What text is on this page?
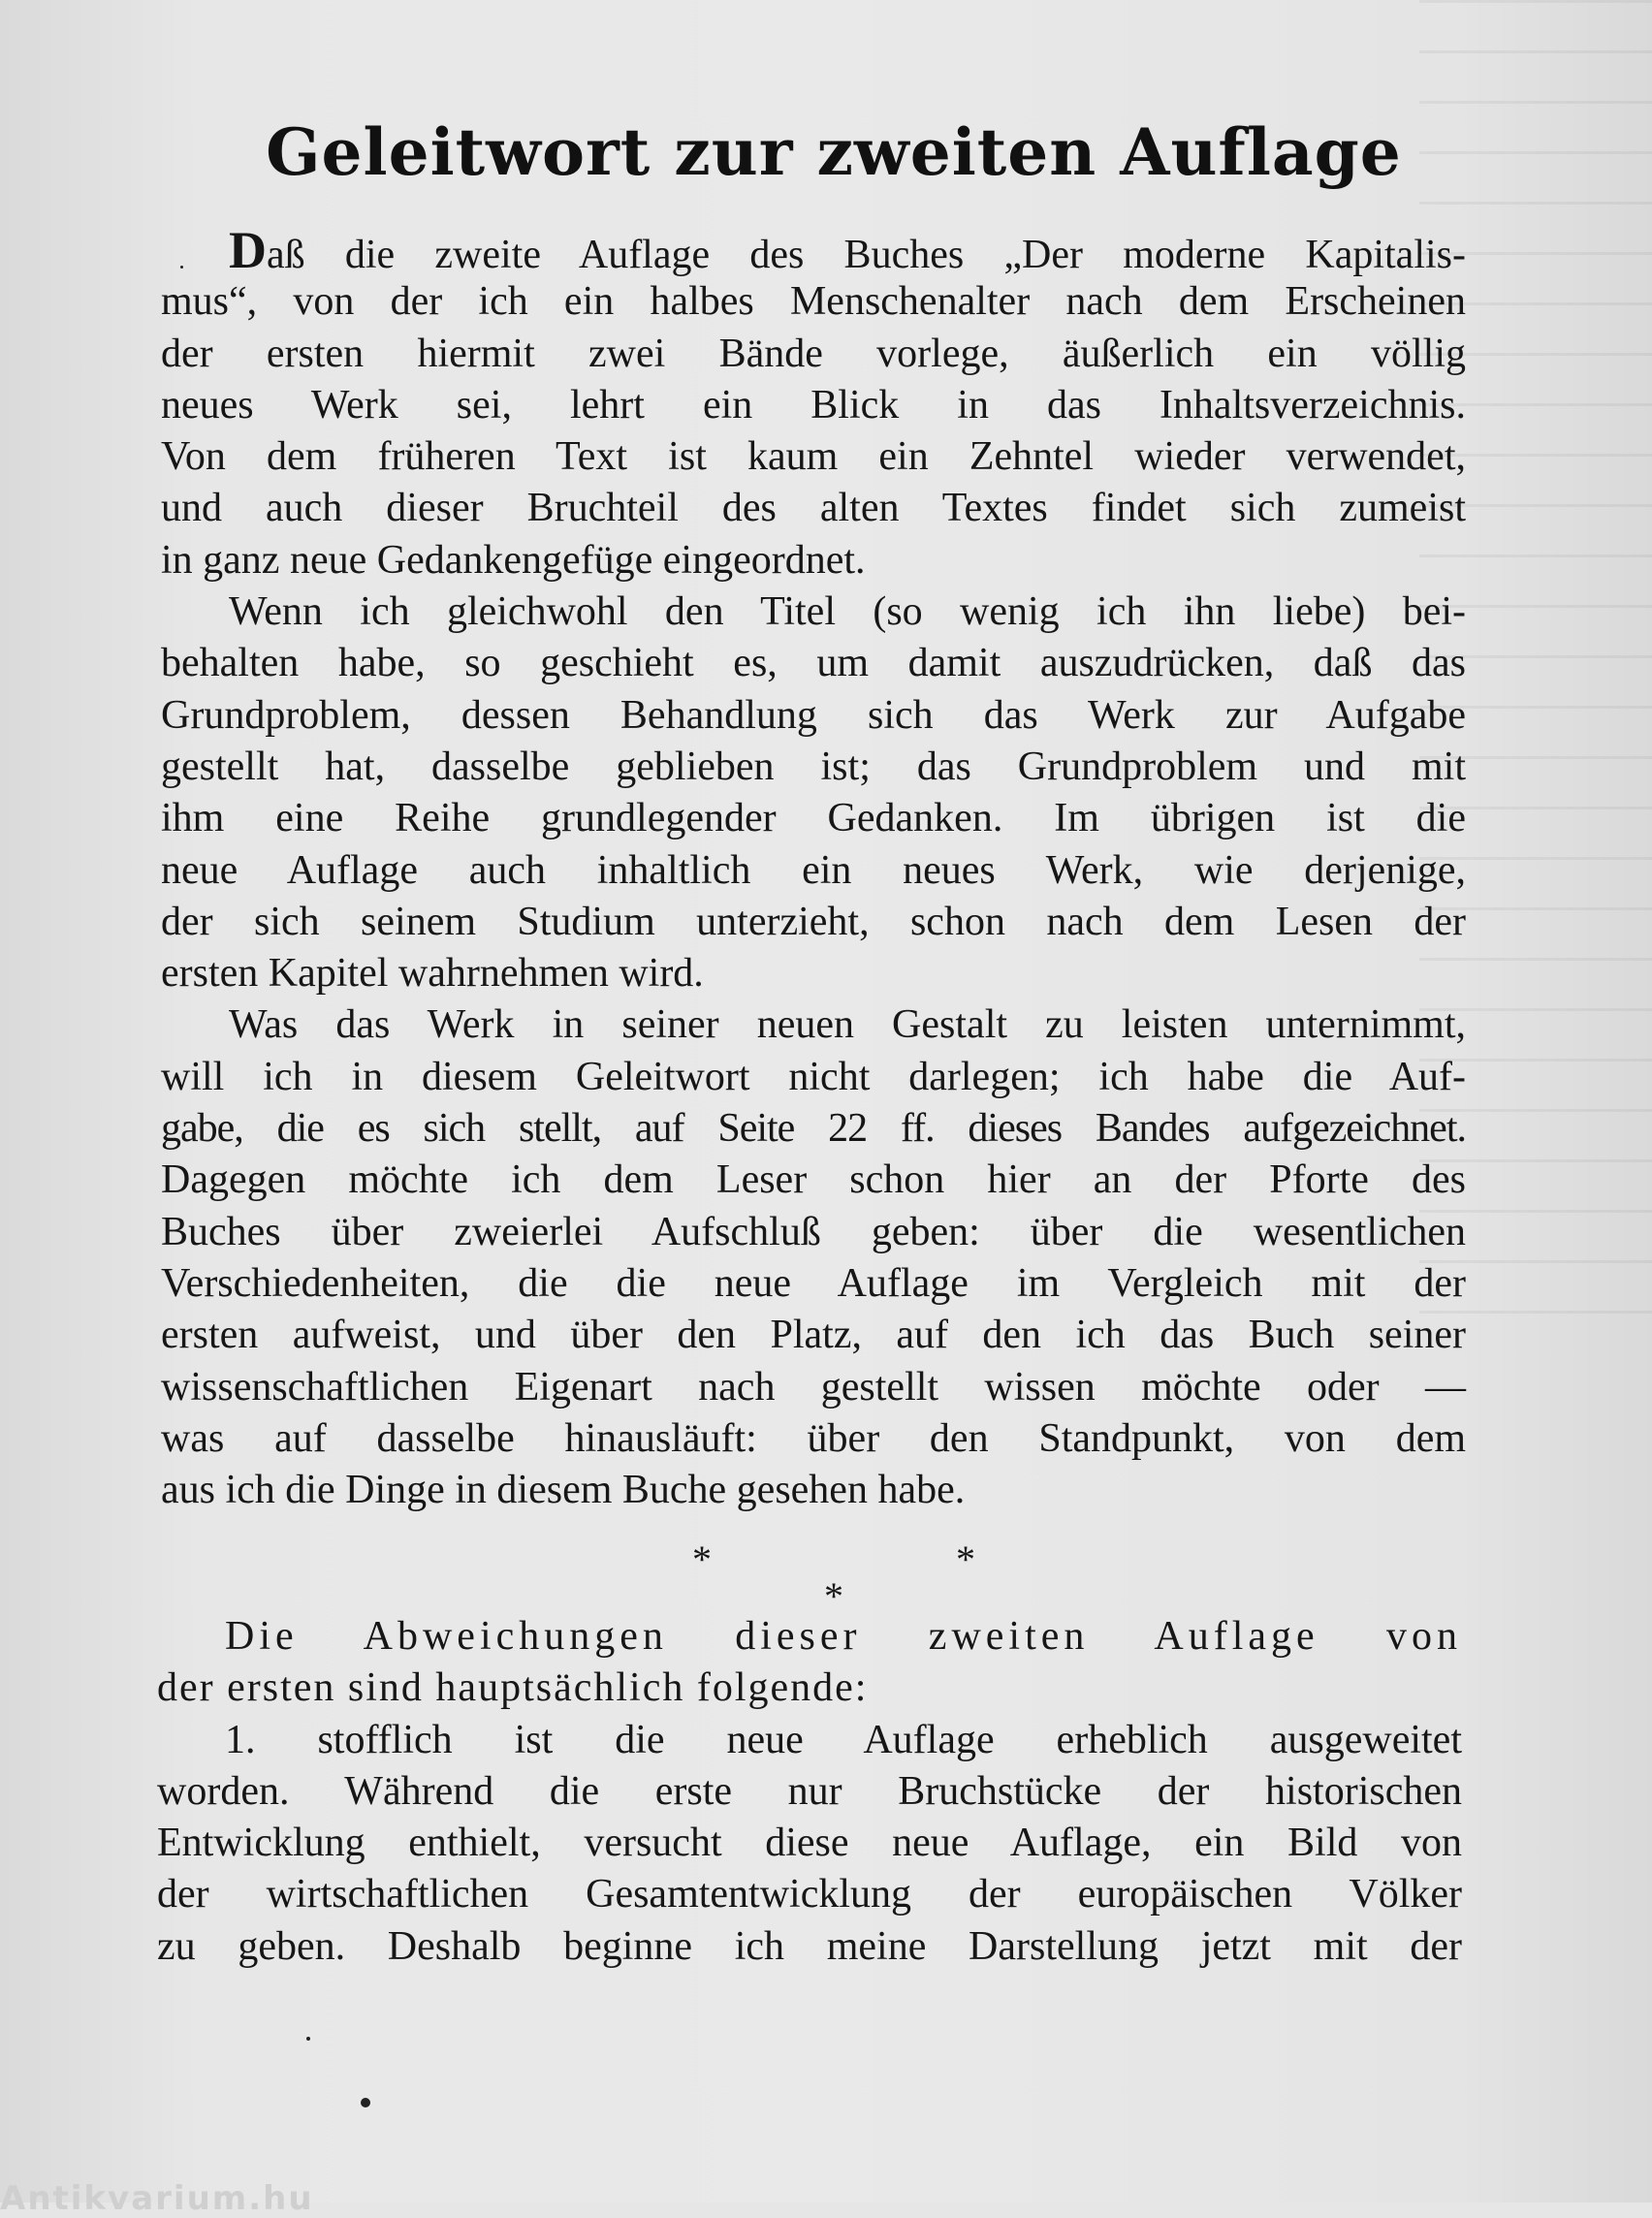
Geleitwort zur zweiten Auflage
Daß die zweite Auflage des Buches „Der moderne Kapitalis-
mus“, von der ich ein halbes Menschenalter nach dem Erscheinen
der ersten hiermit zwei Bände vorlege, äußerlich ein völlig
neues Werk sei, lehrt ein Blick in das Inhaltsverzeichnis.
Von dem früheren Text ist kaum ein Zehntel wieder verwendet,
und auch dieser Bruchteil des alten Textes findet sich zumeist
in ganz neue Gedankengefüge eingeordnet.
Wenn ich gleichwohl den Titel (so wenig ich ihn liebe) bei-
behalten habe, so geschieht es, um damit auszudrücken, daß das
Grundproblem, dessen Behandlung sich das Werk zur Aufgabe
gestellt hat, dasselbe geblieben ist; das Grundproblem und mit
ihm eine Reihe grundlegender Gedanken. Im übrigen ist die
neue Auflage auch inhaltlich ein neues Werk, wie derjenige,
der sich seinem Studium unterzieht, schon nach dem Lesen der
ersten Kapitel wahrnehmen wird.
Was das Werk in seiner neuen Gestalt zu leisten unternimmt,
will ich in diesem Geleitwort nicht darlegen; ich habe die Auf-
gabe, die es sich stellt, auf Seite 22 ff. dieses Bandes aufgezeichnet.
Dagegen möchte ich dem Leser schon hier an der Pforte des
Buches über zweierlei Aufschluß geben: über die wesentlichen
Verschiedenheiten, die die neue Auflage im Vergleich mit der
ersten aufweist, und über den Platz, auf den ich das Buch seiner
wissenschaftlichen Eigenart nach gestellt wissen möchte oder —
was auf dasselbe hinausläuft: über den Standpunkt, von dem
aus ich die Dinge in diesem Buche gesehen habe.
*	*
*
Die Abweichungen dieser zweiten Auflage von
der ersten sind hauptsächlich folgende:
1. stofflich ist die neue Auflage erheblich ausgeweitet
worden. Während die erste nur Bruchstücke der historischen
Entwicklung enthielt, versucht diese neue Auflage, ein Bild von
der wirtschaftlichen Gesamtentwicklung der europäischen Völker
zu geben. Deshalb beginne ich meine Darstellung jetzt mit der
Antikvarium.hu
